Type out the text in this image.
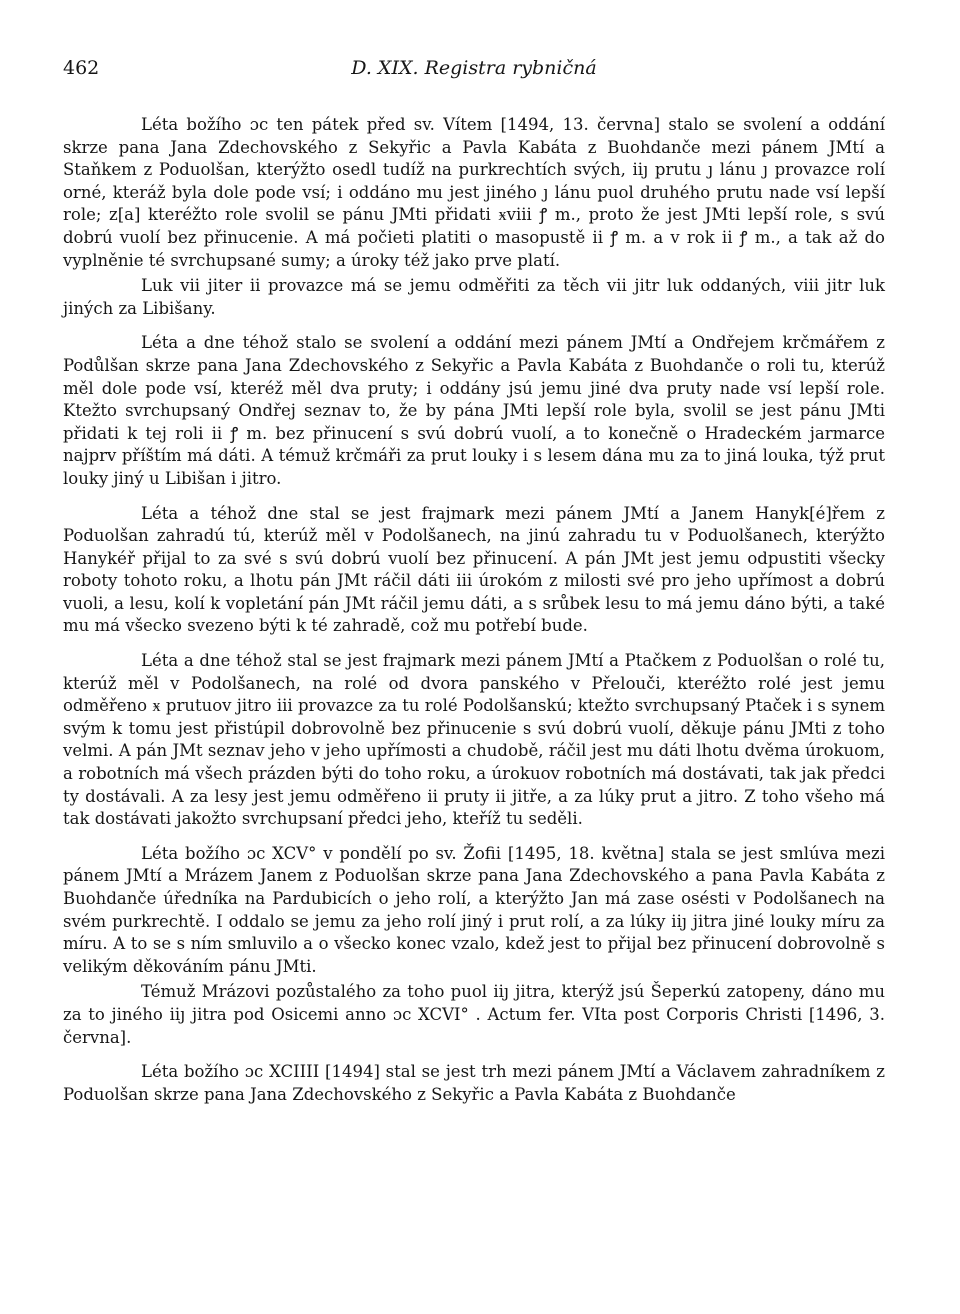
462	D. XIX. Registra rybničná

Léta božího ɔc ten pátek před sv. Vítem [1494, 13. června] stalo se svolení a oddání skrze pana Jana Zdechovského z Sekyřic a Pavla Kabáta z Buohdanče mezi pánem JMtí a Staňkem z Poduolšan, kterýžto osedl tudíž na purkrechtích svých, iiȷ prutu ȷ lánu ȷ provazce rolí orné, kteráž byla dole pode vsí; i oddáno mu jest jiného ȷ lánu puol druhého prutu nade vsí lepší role; z[a] kteréžto role svolil se pánu JMti přidati ӿviii ꝭ m., proto že jest JMti lepší role, s svú dobrú vuolí bez přinucenie. A má počieti platiti o masopustě ii ꝭ m. a v rok ii ꝭ m., a tak až do vyplněnie té svrchupsané sumy; a úroky též jako prve platí.

Luk vii jiter ii provazce má se jemu odměřiti za těch vii jitr luk oddaných, viii jitr luk jiných za Libišany.

Léta a dne téhož stalo se svolení a oddání mezi pánem JMtí a Ondřejem krčmářem z Podůlšan skrze pana Jana Zdechovského z Sekyřic a Pavla Kabáta z Buohdanče o roli tu, kterúž měl dole pode vsí, kteréž měl dva pruty; i oddány jsú jemu jiné dva pruty nade vsí lepší role. Ktežto svrchupsaný Ondřej seznav to, že by pána JMti lepší role byla, svolil se jest pánu JMti přidati k tej roli ii ꝭ m. bez přinucení s svú dobrú vuolí, a to konečně o Hradeckém jarmarce najprv příštím má dáti. A témuž krčmáři za prut louky i s lesem dána mu za to jiná louka, týž prut louky jiný u Libišan i jitro.

Léta a téhož dne stal se jest frajmark mezi pánem JMtí a Janem Hanyk[é]řem z Poduolšan zahradú tú, kterúž měl v Podolšanech, na jinú zahradu tu v Poduolšanech, kterýžto Hanykéř přijal to za své s svú dobrú vuolí bez přinucení. A pán JMt jest jemu odpustiti všecky roboty tohoto roku, a lhotu pán JMt ráčil dáti iii úrokóm z milosti své pro jeho upřímost a dobrú vuoli, a lesu, kolí k vopletání pán JMt ráčil jemu dáti, a s srůbek lesu to má jemu dáno býti, a také mu má všecko svezeno býti k té zahradě, což mu potřebí bude.

Léta a dne téhož stal se jest frajmark mezi pánem JMtí a Ptačkem z Poduolšan o rolé tu, kterúž měl v Podolšanech, na rolé od dvora panského v Přelouči, kteréžto rolé jest jemu odměřeno ӿ prutuov jitro iii provazce za tu rolé Podolšanskú; ktežto svrchupsaný Ptaček i s synem svým k tomu jest přistúpil dobrovolně bez přinucenie s svú dobrú vuolí, děkuje pánu JMti z toho velmi. A pán JMt seznav jeho v jeho upřímosti a chudobě, ráčil jest mu dáti lhotu dvěma úrokuom, a robotních má všech prázden býti do toho roku, a úrokuov robotních má dostávati, tak jak předci ty dostávali. A za lesy jest jemu odměřeno ii pruty ii jitře, a za lúky prut a jitro. Z toho všeho má tak dostávati jakožto svrchupsaní předci jeho, kteříž tu seděli.

Léta božího ɔc XCV° v pondělí po sv. Žofii [1495, 18. května] stala se jest smlúva mezi pánem JMtí a Mrázem Janem z Poduolšan skrze pana Jana Zdechovského a pana Pavla Kabáta z Buohdanče úředníka na Pardubicích o jeho rolí, a kterýžto Jan má zase osésti v Podolšanech na svém purkrechtě. I oddalo se jemu za jeho rolí jiný i prut rolí, a za lúky iiȷ jitra jiné louky míru za míru. A to se s ním smluvilo a o všecko konec vzalo, kdež jest to přijal bez přinucení dobrovolně s velikým děkováním pánu JMti.

Témuž Mrázovi pozůstalého za toho puol iiȷ jitra, kterýž jsú Šeperkú zatopeny, dáno mu za to jiného iiȷ jitra pod Osicemi anno ɔc XCVI° . Actum fer. VIta post Corporis Christi [1496, 3. června].

Léta božího ɔc XCIIII [1494] stal se jest trh mezi pánem JMtí a Václavem zahradníkem z Poduolšan skrze pana Jana Zdechovského z Sekyřic a Pavla Kabáta z Buohdanče
